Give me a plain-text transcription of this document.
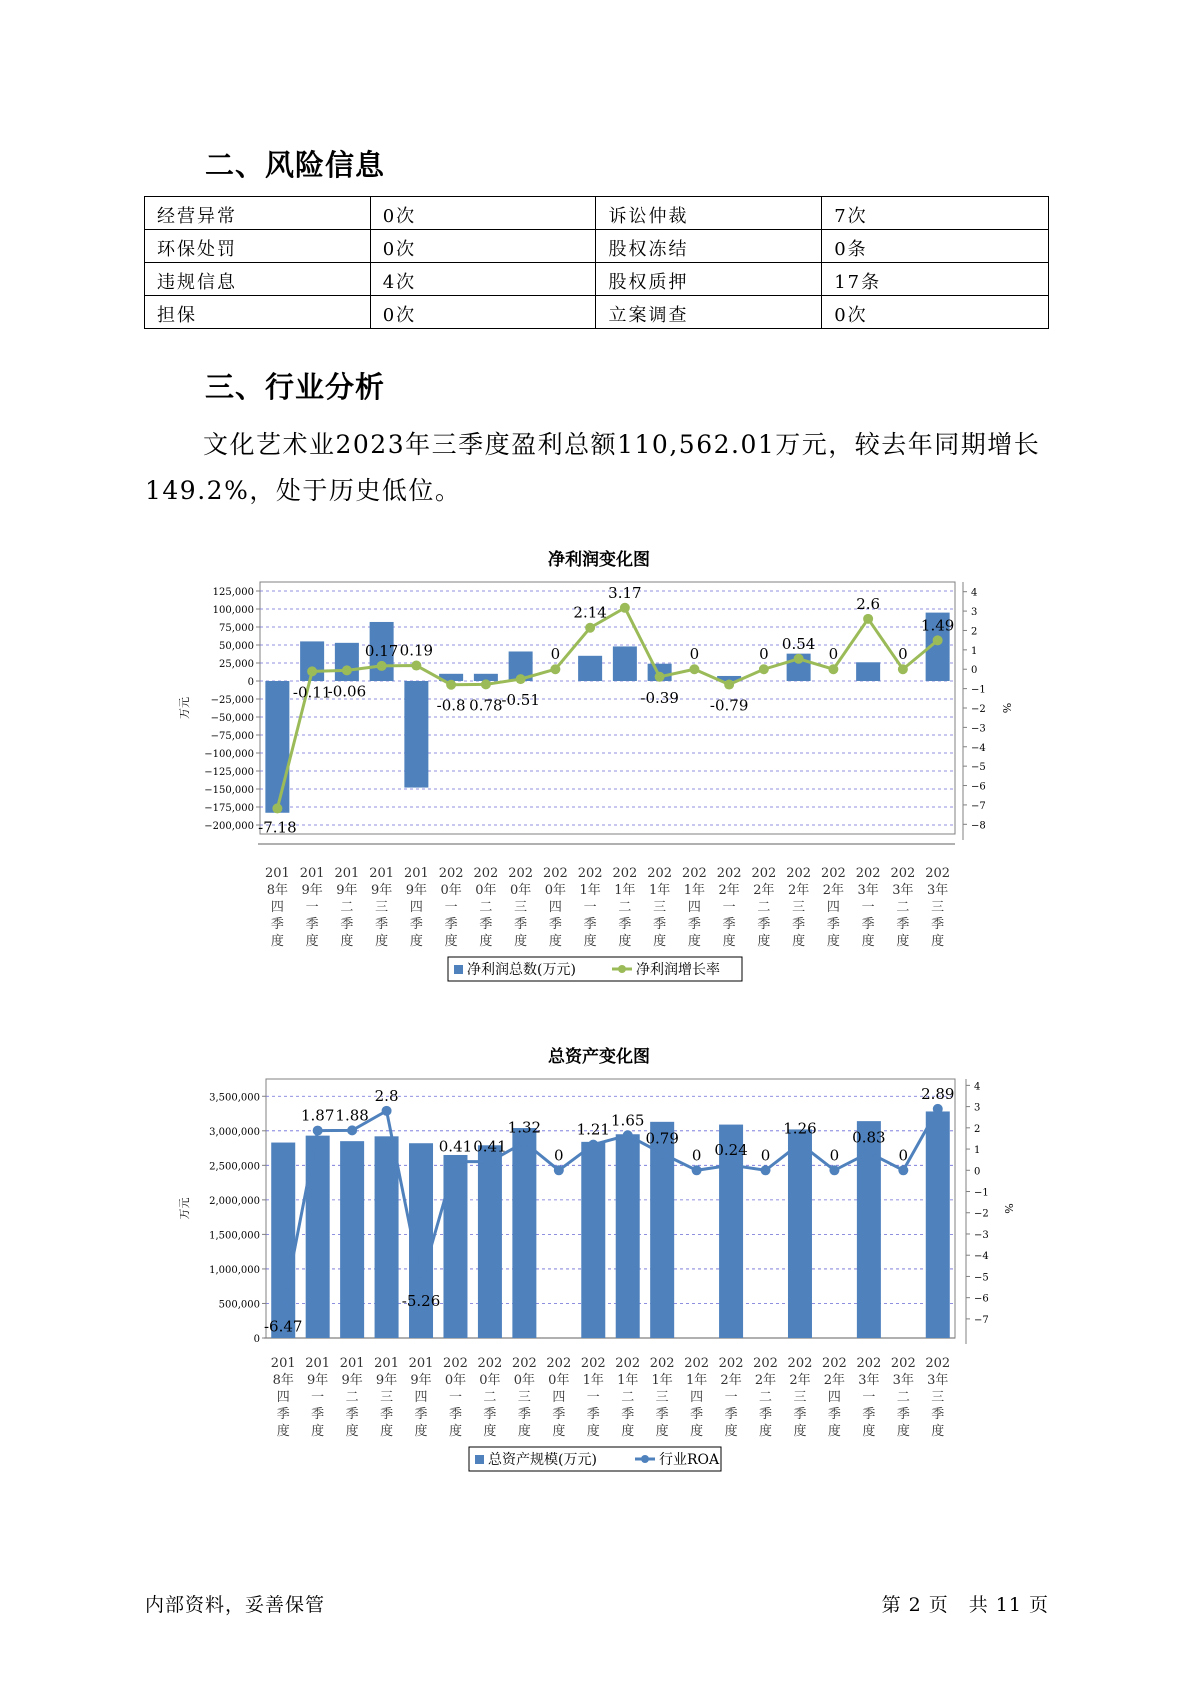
二、风险信息
经营异常	0次	诉讼仲裁	7次
环保处罚	0次	股权冻结	0条
违规信息	4次	股权质押	17条
担保	0次	立案调查	0次
三、行业分析

文化艺术业2023年三季度盈利总额110,562.01万元，较去年同期增长149.2%，处于历史低位。

净利润变化图
125,000
100,000
75,000
50,000
25,000
0
−25,000
−50,000
−75,000
−100,000
−125,000
−150,000
−175,000
−200,000
4
3
2
1
0
−1
−2
−3
−4
−5
−6
−7
−8
万元	%
-7.18
-0.11
-0.06
0.17 0.19
-0.8 0.78
-0.51
0
2.14
3.17
-0.39
0
-0.79
0
0.54
0
2.6
0
1.49
201
8年
四
季
度
201
9年
一
季
度
201
9年
二
季
度
201
9年
三
季
度
201
9年
四
季
度
202
0年
一
季
度
202
0年
二
季
度
202
0年
三
季
度
202
0年
四
季
度
202
1年
一
季
度
202
1年
二
季
度
202
1年
三
季
度
202
1年
四
季
度
202
2年
一
季
度
202
2年
二
季
度
202
2年
三
季
度
202
2年
四
季
度
202
3年
一
季
度
202
3年
二
季
度
202
3年
三
季
度
净利润总数(万元)	净利润增长率
总资产变化图
3,500,000
3,000,000
2,500,000
2,000,000
1,500,000
1,000,000
500,000
0
4
3
2
1
0
−1
−2
−3
−4
−5
−6
−7
万元	%
-6.47
1.87 1.88
2.8
-5.26
0.41 0.41
1.32
0
1.21
1.65
0.79
0 0.24 0
1.26
0
0.83
0
2.89
201
8年
四
季
度
201
9年
一
季
度
201
9年
二
季
度
201
9年
三
季
度
201
9年
四
季
度
202
0年
一
季
度
202
0年
二
季
度
202
0年
三
季
度
202
0年
四
季
度
202
1年
一
季
度
202
1年
二
季
度
202
1年
三
季
度
202
1年
四
季
度
202
2年
一
季
度
202
2年
二
季
度
202
2年
三
季
度
202
2年
四
季
度
202
3年
一
季
度
202
3年
二
季
度
202
3年
三
季
度
总资产规模(万元)	行业ROA
内部资料，妥善保管	第 2 页　共 11 页
